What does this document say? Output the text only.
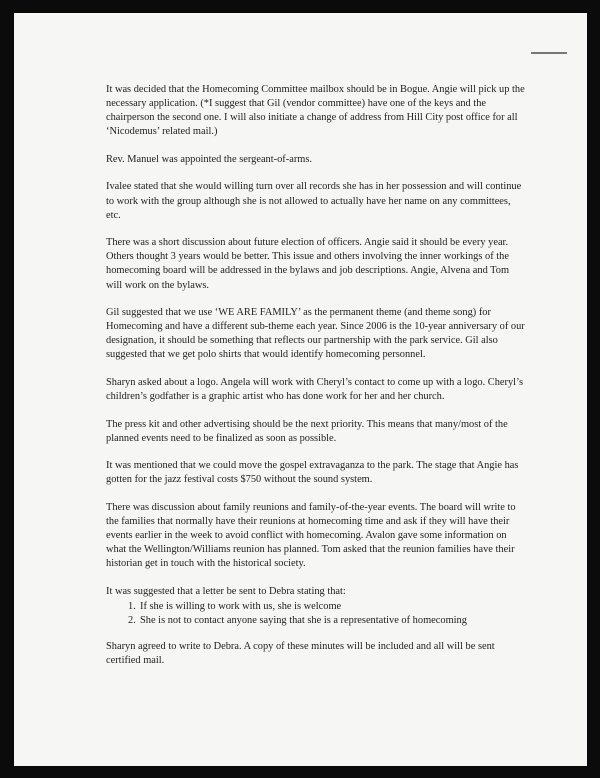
It was decided that the Homecoming Committee mailbox should be in Bogue. Angie will pick up the necessary application. (*I suggest that Gil (vendor committee) have one of the keys and the chairperson the second one. I will also initiate a change of address from Hill City post office for all ‘Nicodemus’ related mail.)

Rev. Manuel was appointed the sergeant-of-arms.

Ivalee stated that she would willing turn over all records she has in her possession and will continue to work with the group although she is not allowed to actually have her name on any committees, etc.

There was a short discussion about future election of officers. Angie said it should be every year. Others thought 3 years would be better. This issue and others involving the inner workings of the homecoming board will be addressed in the bylaws and job descriptions. Angie, Alvena and Tom will work on the bylaws.

Gil suggested that we use ‘WE ARE FAMILY’ as the permanent theme (and theme song) for Homecoming and have a different sub-theme each year. Since 2006 is the 10-year anniversary of our designation, it should be something that reflects our partnership with the park service. Gil also suggested that we get polo shirts that would identify homecoming personnel.

Sharyn asked about a logo. Angela will work with Cheryl’s contact to come up with a logo. Cheryl’s children’s godfather is a graphic artist who has done work for her and her church.

The press kit and other advertising should be the next priority. This means that many/most of the planned events need to be finalized as soon as possible.

It was mentioned that we could move the gospel extravaganza to the park. The stage that Angie has gotten for the jazz festival costs $750 without the sound system.

There was discussion about family reunions and family-of-the-year events. The board will write to the families that normally have their reunions at homecoming time and ask if they will have their events earlier in the week to avoid conflict with homecoming. Avalon gave some information on what the Wellington/Williams reunion has planned. Tom asked that the reunion families have their historian get in touch with the historical society.

It was suggested that a letter be sent to Debra stating that:

1. If she is willing to work with us, she is welcome
2. She is not to contact anyone saying that she is a representative of homecoming

Sharyn agreed to write to Debra. A copy of these minutes will be included and all will be sent certified mail.
